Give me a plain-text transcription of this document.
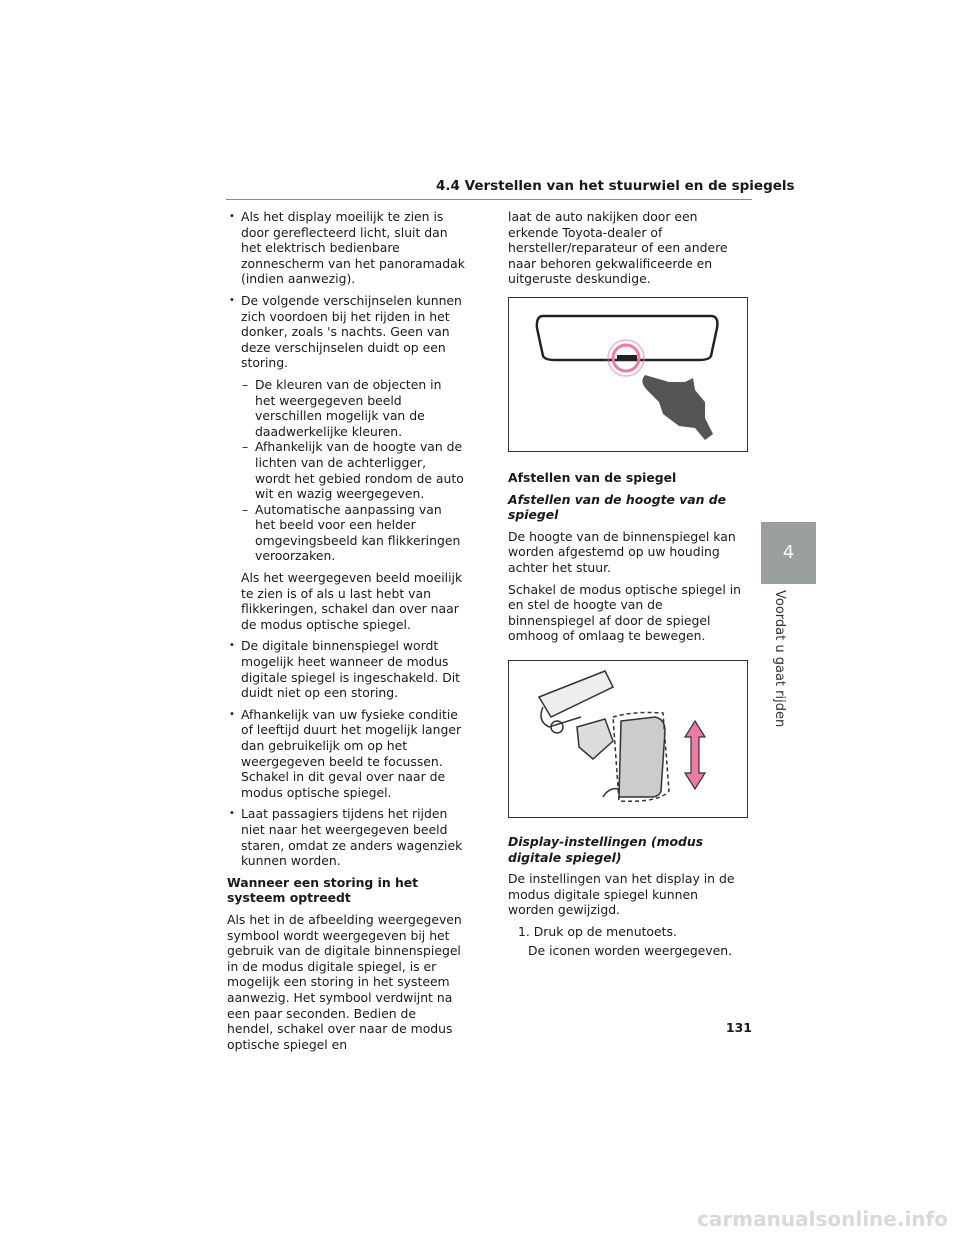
4.4 Verstellen van het stuurwiel en de spiegels
• Als het display moeilijk te zien is door gereflecteerd licht, sluit dan het elektrisch bedienbare zonnescherm van het panoramadak (indien aanwezig).
• De volgende verschijnselen kunnen zich voordoen bij het rijden in het donker, zoals 's nachts. Geen van deze verschijnselen duidt op een storing.
– De kleuren van de objecten in het weergegeven beeld verschillen mogelijk van de daadwerkelijke kleuren.
– Afhankelijk van de hoogte van de lichten van de achterligger, wordt het gebied rondom de auto wit en wazig weergegeven.
– Automatische aanpassing van het beeld voor een helder omgevingsbeeld kan flikkeringen veroorzaken.

Als het weergegeven beeld moeilijk te zien is of als u last hebt van flikkeringen, schakel dan over naar de modus optische spiegel.

• De digitale binnenspiegel wordt mogelijk heet wanneer de modus digitale spiegel is ingeschakeld. Dit duidt niet op een storing.
• Afhankelijk van uw fysieke conditie of leeftijd duurt het mogelijk langer dan gebruikelijk om op het weergegeven beeld te focussen. Schakel in dit geval over naar de modus optische spiegel.
• Laat passagiers tijdens het rijden niet naar het weergegeven beeld staren, omdat ze anders wagenziek kunnen worden.

Wanneer een storing in het systeem optreedt

Als het in de afbeelding weergegeven symbool wordt weergegeven bij het gebruik van de digitale binnenspiegel in de modus digitale spiegel, is er mogelijk een storing in het systeem aanwezig. Het symbool verdwijnt na een paar seconden. Bedien de hendel, schakel over naar de modus optische spiegel en

laat de auto nakijken door een erkende Toyota-dealer of hersteller/reparateur of een andere naar behoren gekwalificeerde en uitgeruste deskundige.

Afstellen van de spiegel

Afstellen van de hoogte van de spiegel

De hoogte van de binnenspiegel kan worden afgestemd op uw houding achter het stuur.

Schakel de modus optische spiegel in en stel de hoogte van de binnenspiegel af door de spiegel omhoog of omlaag te bewegen.

Display-instellingen (modus digitale spiegel)

De instellingen van het display in de modus digitale spiegel kunnen worden gewijzigd.

1. Druk op de menutoets.

De iconen worden weergegeven.

4
Voordat u gaat rijden
131
carmanualsonline.info
